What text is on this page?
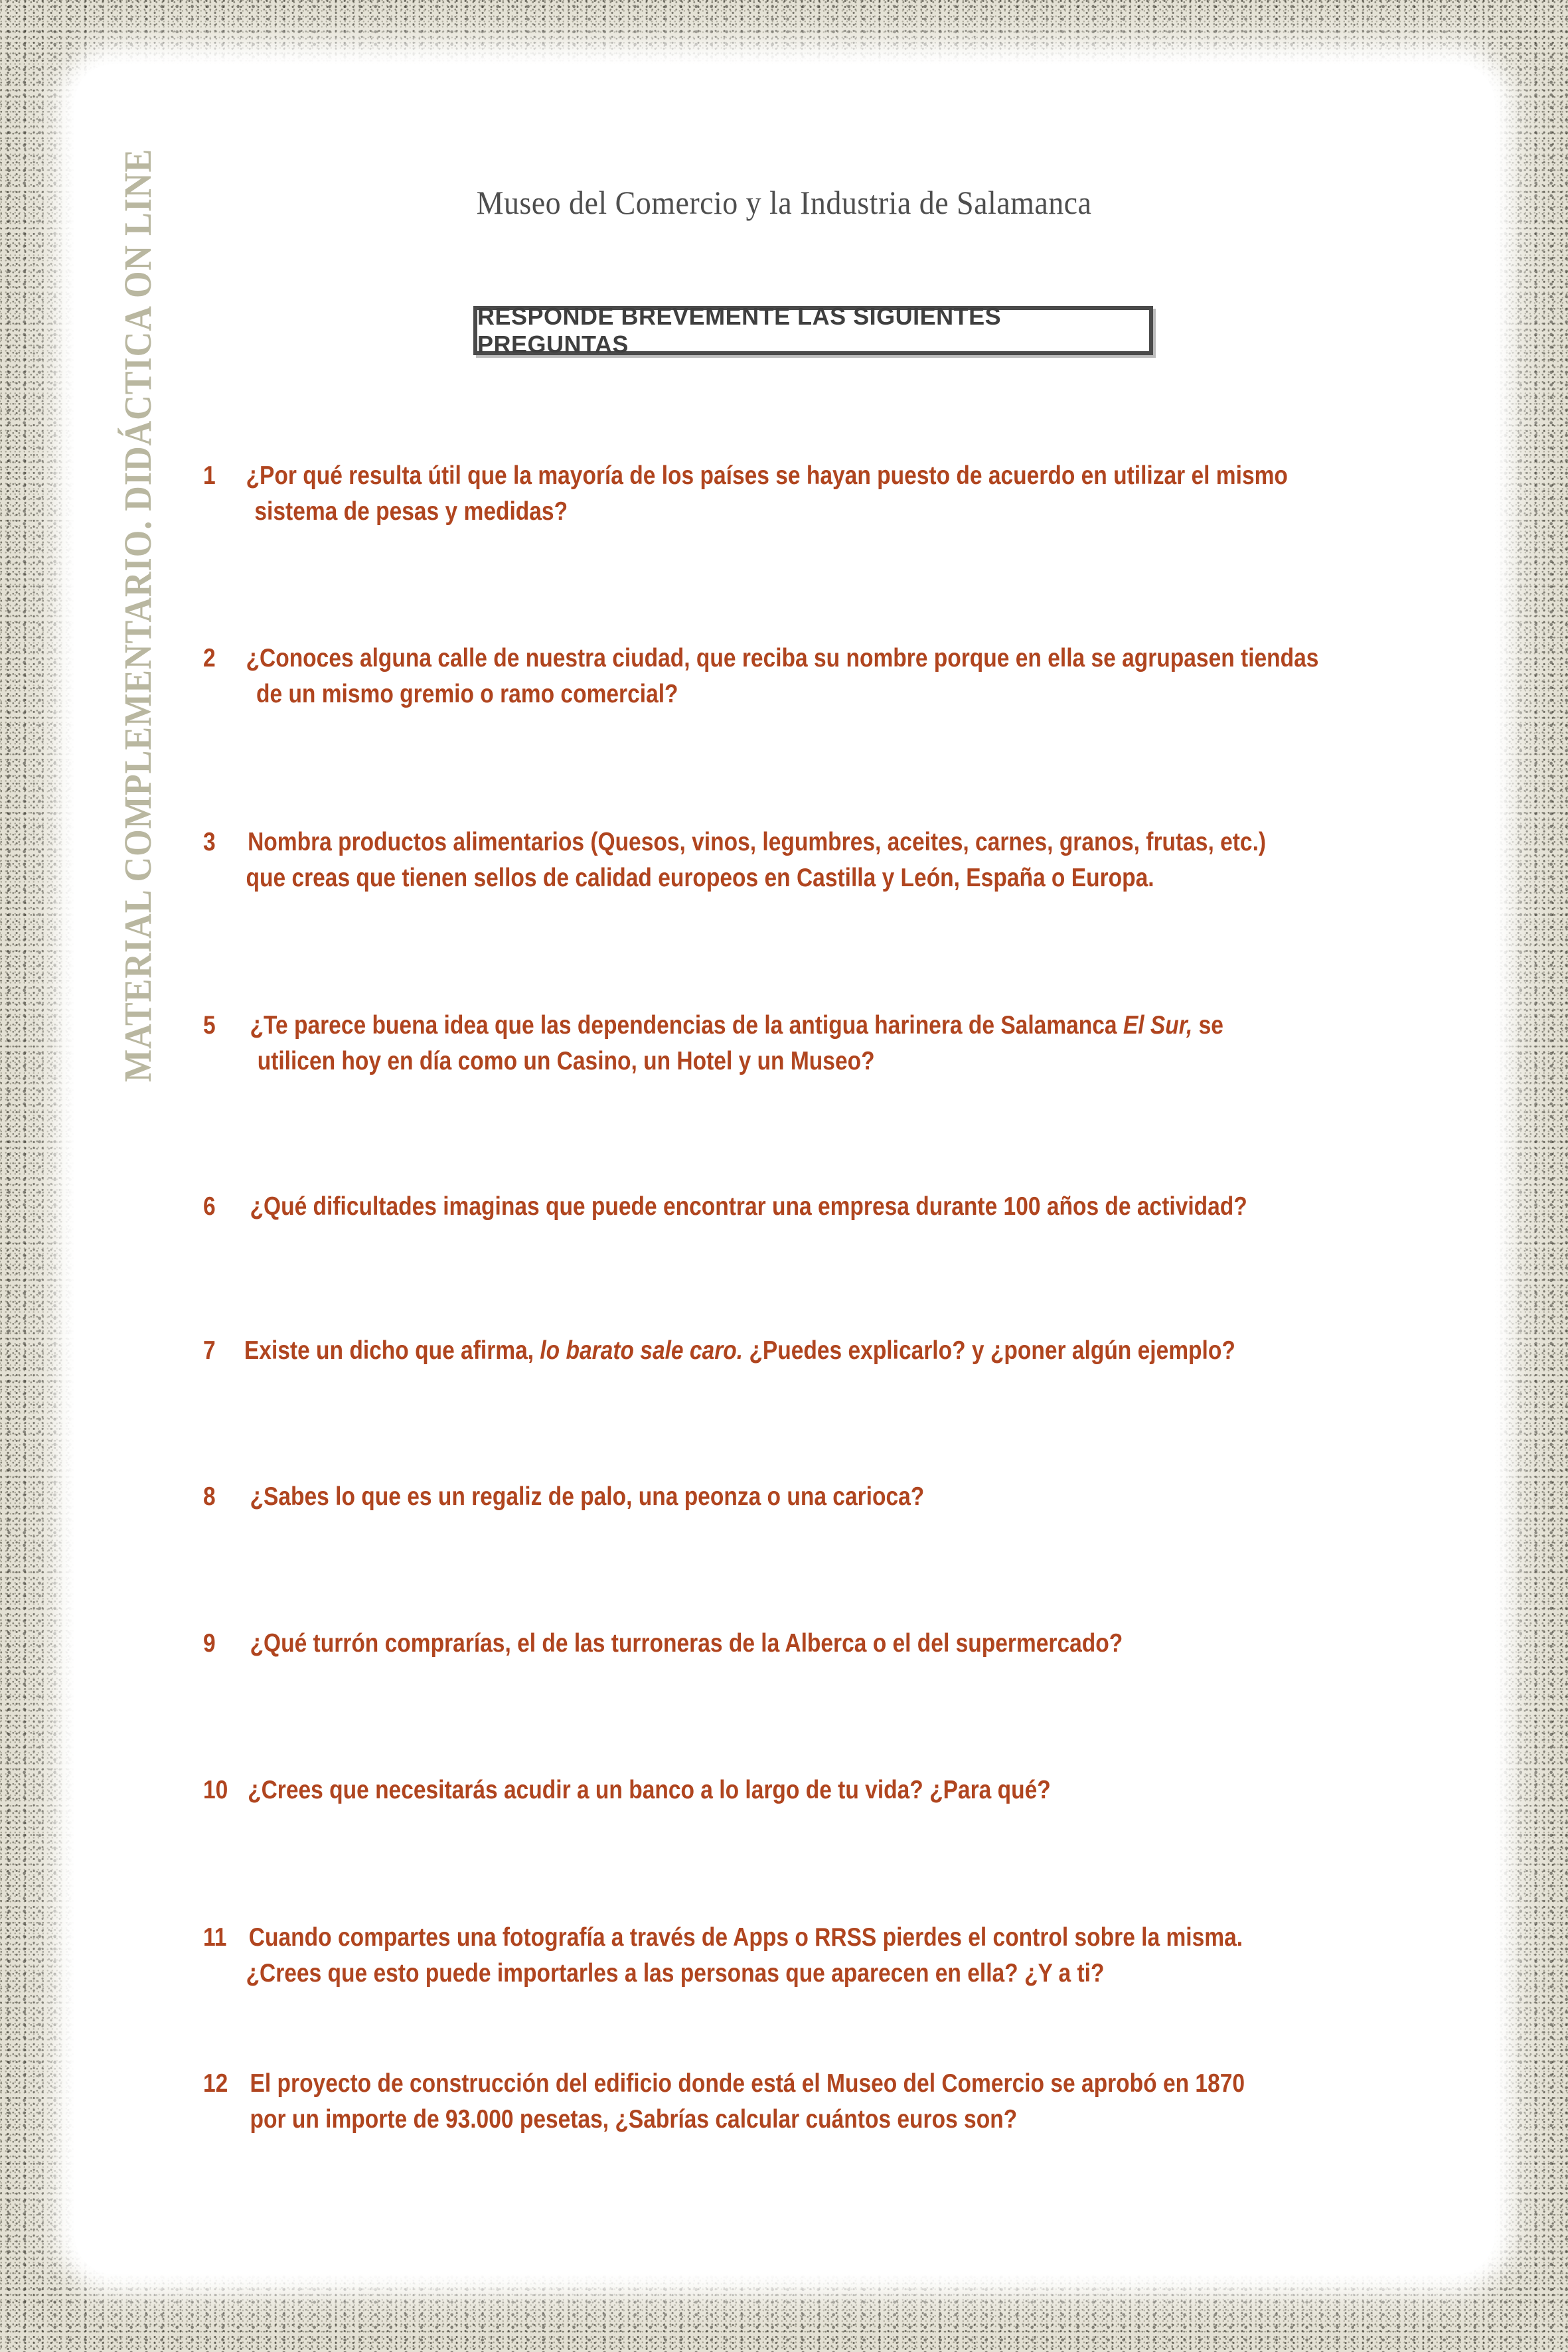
MATERIAL COMPLEMENTARIO. DIDÁCTICA ON LINE	Museo del Comercio y la Industria de Salamanca
RESPONDE BREVEMENTE LAS SIGUIENTES PREGUNTAS
1 ¿Por qué resulta útil que la mayoría de los países se hayan puesto de acuerdo en utilizar el mismo
sistema de pesas y medidas?
2 ¿Conoces alguna calle de nuestra ciudad, que reciba su nombre porque en ella se agrupasen tiendas
de un mismo gremio o ramo comercial?
3 Nombra productos alimentarios (Quesos, vinos, legumbres, aceites, carnes, granos, frutas, etc.)
que creas que tienen sellos de calidad europeos en Castilla y León, España o Europa.
5 ¿Te parece buena idea que las dependencias de la antigua harinera de Salamanca El Sur, se
utilicen hoy en día como un Casino, un Hotel y un Museo?
6 ¿Qué dificultades imaginas que puede encontrar una empresa durante 100 años de actividad?
7 Existe un dicho que afirma, lo barato sale caro. ¿Puedes explicarlo? y ¿poner algún ejemplo?
8 ¿Sabes lo que es un regaliz de palo, una peonza o una carioca?
9 ¿Qué turrón comprarías, el de las turroneras de la Alberca o el del supermercado?
10 ¿Crees que necesitarás acudir a un banco a lo largo de tu vida? ¿Para qué?
11 Cuando compartes una fotografía a través de Apps o RRSS pierdes el control sobre la misma.
¿Crees que esto puede importarles a las personas que aparecen en ella? ¿Y a ti?
12 El proyecto de construcción del edificio donde está el Museo del Comercio se aprobó en 1870
por un importe de 93.000 pesetas, ¿Sabrías calcular cuántos euros son?
